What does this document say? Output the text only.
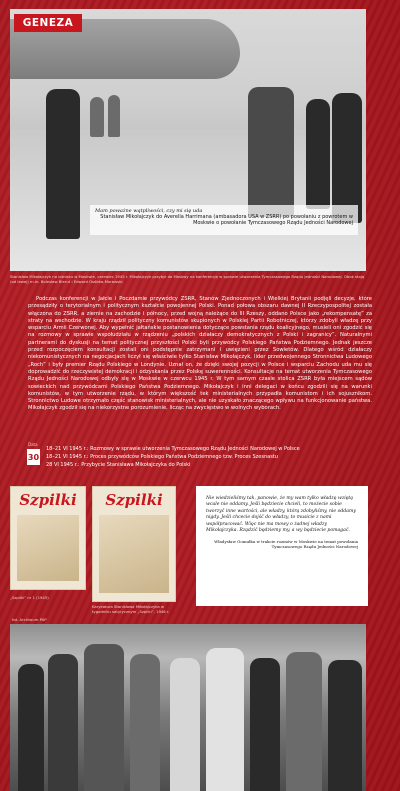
GENEZA
Mam poważne wątpliwości, czy mi się uda
Stanisław Mikołajczyk do Averella Harrimana (ambasadora USA w ZSRR) po powołaniu z powrotem w Moskwie o powołanie Tymczasowego Rządu Jedności Narodowej
Stanisław Mikołajczyk na lotnisku w Moskwie, czerwiec 1945 r. Mikołajczyk przybył do Moskwy na konferencję w sprawie utworzenia Tymczasowego Rządu Jedności Narodowej. Obok stoją (od lewej) m.in. Bolesław Bierut i Edward Osóbka-Morawski.

Podczas konferencji w Jałcie i Poczdamie przywódcy ZSRR, Stanów Zjednoczonych i Wielkiej Brytanii podjęli decyzje, które przesądziły o terytorialnym i politycznym kształcie powojennej Polski. Ponad połowa obszaru dawnej II Rzeczypospolitej została włączona do ZSRR, a ziemie na zachodzie i północy, przed wojną należące do III Rzeszy, oddano Polsce jako „rekompensatę” za straty na wschodzie. W kraju rządził polityczny komunistów skupionych w Polskiej Partii Robotniczej, którzy zdobyli władzę przy wsparciu Armii Czerwonej. Aby wypełnić jałtańskie postanowienia dotyczące powstania rządu koalicyjnego, musieli oni zgodzić się na rozmowy w sprawie współudziału w rządzeniu „polskich działaczy demokratycznych z Polski i zagranicy”. Naturalnymi partnerami do dyskusji na temat politycznej przyszłości Polski byli przywódcy Polskiego Państwa Podziemnego. Jednak jeszcze przed rozpoczęciem konsultacji zostali oni podstępnie zatrzymani i uwięzieni przez Sowietów. Dlatego wśród działaczy niekomunistycznych na negocjacjach liczył się właściwie tylko Stanisław Mikołajczyk, lider przedwojennego Stronnictwa Ludowego „Roch” i były premier Rządu Polskiego w Londynie. Uznał on, że dzięki swojej pozycji w Polsce i wsparciu Zachodu uda mu się doprowadzić do rzeczywistej demokracji i odzyskania przez Polskę suwerenności. Konsultacje na temat utworzenia Tymczasowego Rządu Jedności Narodowej odbyły się w Moskwie w czerwcu 1945 r. W tym samym czasie stolica ZSRR była miejscem sądów sowieckich nad przywódcami Polskiego Państwa Podziemnego. Mikołajczyk i inni delegaci w końcu zgodzili się na warunki komunistów, w tym utworzenie rządu, w którym większość tek ministerialnych przypadła komunistom i ich sojusznikom. Stronnictwo Ludowe otrzymało część stanowisk ministerialnych, ale nie uzyskało znaczącego wpływu na funkcjonowanie państwa. Mikołajczyk zgodził się na niekorzystne porozumienie, licząc na zwycięstwo w wolnych wyborach.

Data
30
18–21 VI 1945 r.: Rozmowy w sprawie utworzenia Tymczasowego Rządu Jedności Narodowej w Polsce
18–21 VI 1945 r.: Proces przywódców Polskiego Państwa Podziemnego tzw. Proces Szesnastu
28 VI 1945 r.: Przybycie Stanisława Mikołajczyka do Polski
Szpilki
„Szpilki” nr 1 (1945)
Szpilki
Karykatura Stanisława Mikołajczyka w tygodniku satyrycznym „Szpilki”, 1946 r.
Nie wiedzieliśmy tak, panowie, że my wam tylko władzę wziętą wcale nie oddamy. Jeśli będziecie chcieli, to możecie sobie tworzyć inne wartości, ale władzy, którą zdobyliśmy, nie oddamy nigdy. Jeśli chcecie dojść do władzy, to musicie z nami współpracować. Więc nie ma mowy o żadnej władzy Mikołajczyka. Rządzić będziemy my, a wy będziecie pomagać.
Władysław Gomułka w trakcie rozmów w Moskwie na temat powołania Tymczasowego Rządu Jedności Narodowej
fot. Archiwum PAP
